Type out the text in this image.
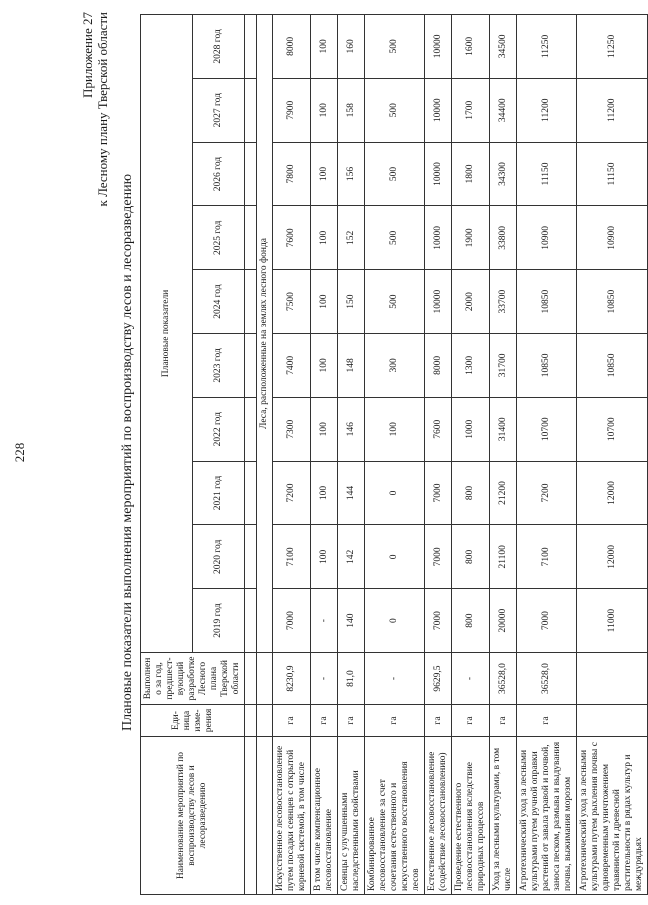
228
Приложение 27 к Лесному плану Тверской области
Плановые показатели выполнения мероприятий по воспроизводству лесов и лесоразведению
Наименование мероприятий по воспроизводству лесов и лесоразведению	Еди-ница изме-рения	Выполнено за год, предшест-вующий разработке Лесного плана Тверской области	Плановые показатели									
			2019 год	2020 год	2021 год	2022 год	2023 год	2024 год	2025 год	2026 год	2027 год	2028 год

			Леса, расположенные на землях лесного фонда									
Искусственное лесовосстановление путем посадки сеянцев с открытой корневой системой, в том числе	га	8230,9	7000	7100	7200	7300	7400	7500	7600	7800	7900	8000
В том числе компенсационное лесовосстановление	га	-	-	100	100	100	100	100	100	100	100	100
Сеянцы с улучшенными наследственными свойствами	га	81,0	140	142	144	146	148	150	152	156	158	160
Комбинированное лесовосстановление за счет сочетания естественного и искусственного восстановления лесов	га	-	0	0	0	100	300	500	500	500	500	500
Естественное лесовосстановление (содействие лесовосстановлению)	га	9629,5	7000	7000	7000	7600	8000	10000	10000	10000	10000	10000
Проведение естественного лесовосстановления вследствие природных процессов	га	-	800	800	800	1000	1300	2000	1900	1800	1700	1600
Уход за лесными культурами, в том числе	га	36528,0	20000	21100	21200	31400	31700	33700	33800	34300	34400	34500
Агротехнический уход за лесными культурами путем ручной оправки растений от завала травой и почвой, заноса песком, размыва и выдувания почвы, выжимания морозом	га	36528,0	7000	7100	7200	10700	10850	10850	10900	11150	11200	11250
Агротехнический уход за лесными культурами путем рыхления почвы с одновременным уничтожением травянистой и древесной растительности в рядах культур и междурядьях			11000	12000	12000	10700	10850	10850	10900	11150	11200	11250
